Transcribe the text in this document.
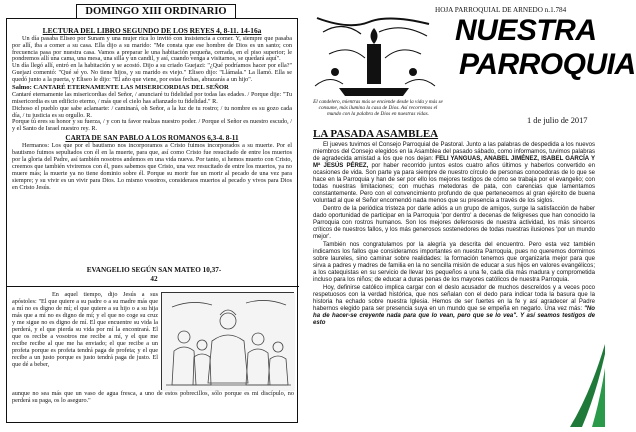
LECTURA DEL LIBRO SEGUNDO DE LOS REYES 4, 8-11. 14-16a

Un día pasaba Eliseo por Sunam y una mujer rica lo invitó con insistencia a comer. Y, siempre que pasaba por allí, iba a comer a su casa. Ella dijo a su marido: "Me consta que ese hombre de Dios es un santo; con frecuencia pasa por nuestra casa. Vamos a preparar le una habitación pequeña, cerrada, en el piso superior; le pondremos allí una cama, una mesa, una silla y un candil, y así, cuando venga a visitarnos, se quedará aquí".

Un día llegó allí, entró en la habitación y se acostó. Dijo a su criado Guejazi: "¿Qué podríamos hacer por ella?" Guejazi comentó: "Qué sé yo. No tiene hijos, y su marido es viejo." Eliseo dijo: "Llámala." La llamó. Ella se quedó junto a la puerta, y Eliseo le dijo: "El año que viene, por estas fechas, abrazarás a un hijo".

Salmo: CANTARÉ ETERNAMENTE LAS MISERICORDIAS DEL SEÑOR

Cantaré eternamente las misericordias del Señor, / anunciaré tu fidelidad por todas las edades. / Porque dije: "Tu misericordia es un edificio eterno, / más que el cielo has afianzado tu fidelidad." R.

Dichoso el pueblo que sabe aclamarte: / caminará, oh Señor, a la luz de tu rostro; / tu nombre es su gozo cada día, / tu justicia es su orgullo. R.

Porque tú eres su honor y su fuerza, / y con tu favor realzas nuestro poder. / Porque el Señor es nuestro escudo, / y el Santo de Israel nuestro rey. R.

CARTA DE SAN PABLO A LOS ROMANOS 6,3-4. 8-11

Hermanos: Los que por el bautismo nos incorporamos a Cristo fuimos incorporados a su muerte. Por el bautismo fuimos sepultados con él en la muerte, para que, así como Cristo fue resucitado de entre los muertos por la gloria del Padre, así también nosotros andemos en una vida nueva. Por tanto, si hemos muerto con Cristo, creemos que también viviremos con él, pues sabemos que Cristo, una vez resucitado de entre los muertos, ya no muere más; la muerte ya no tiene dominio sobre él. Porque su morir fue un morir al pecado de una vez para siempre; y su vivir es un vivir para Dios. Lo mismo vosotros, consideraos muertos al pecado y vivos para Dios en Cristo Jesús.

En aquel tiempo, dijo Jesús a sus apóstoles: "El que quiere a su padre o a su madre más que a mí no es digno de mí; el que quiere a su hijo o a su hija más que a mí no es digno de mí; y el que no coge su cruz y me sigue no es digno de mí. El que encuentre su vida la perderá, y el que pierda su vida por mí la encontrará. El que os recibe a vosotros me recibe a mí, y el que me recibe recibe al que me ha enviado; el que recibe a un profeta porque es profeta tendrá paga de profeta; y el que recibe a un justo porque es justo tendrá paga de justo. El que dé a beber,
aunque no sea más que un vaso de agua fresca, a uno de estos pobrecillos, sólo porque es mi discípulo, no perderá su paga, os lo aseguro."
DOMINGO XIII ORDINARIO
EVANGELIO SEGÚN SAN MATEO 10,37-42
HOJA PARROQUIAL DE ARNEDO n.1.784
NUESTRA
PARROQUIA
El candelero, mientras más se enciende desde la vida y más se consume, más ilumina la casa de Dios. Así recorremos el mundo con la palabra de Dios en nuestras vidas.
1 de julio de 2017
LA PASADA ASAMBLEA

El jueves tuvimos el Consejo Parroquial de Pastoral. Junto a las palabras de despedida a los nuevos miembros del Consejo elegidos en la Asamblea del pasado sábado, como informamos, tuvimos palabras de agradecida amistad a los que nos dejan: FELI YANGUAS, ANABEL JIMÉNEZ, ISABEL GARCÍA Y Mª JESÚS PÉREZ, por haber recorrido juntos estos cuatro años últimos y haberlos convertido en ocasiones de vida. Son parte ya para siempre de nuestro círculo de personas conocedoras de lo que se hace en la Parroquia y han de ser por ello los mejores testigos de cómo se trabaja por el evangelio; con todas nuestras limitaciones; con muchas metedoras de pata, con carencias que lamentamos constantemente. Pero con el convencimiento profundo de que pertenecemos al gran ejército de buena voluntad al que el Señor encomendó nada menos que su presencia a través de los siglos.

Dentro de la periódica tristeza por darle adiós a un grupo de amigos, surge la satisfacción de haber dado oportunidad de participar en la Parroquia 'por dentro' a decenas de feligreses que han conocido la Parroquia con rostros humanos. Son los mejores defensores de nuestra actividad, los más sinceros críticos de nuestros fallos, y los más generosos sostenedores de todas nuestras ilusiones 'por un mundo mejor'.

También nos congratulamos por la alegría ya descrita del encuentro. Pero esta vez también indicamos los fallos que consideramos importantes en nuestra Parroquia, pues no queremos dormirnos sobre laureles, sino caminar sobre realidades: la formación tenemos que organizarla mejor para que sirva a padres y madres de familia en la no sencilla misión de educar a sus hijos en valores evangélicos; a los catequistas en su servicio de llevar los pequeños a una fe, cada día más madura y comprometida incluso para los niños; de educar a duras penas de los mayores católicos de nuestra Parroquia.

Hoy, definirse católico implica cargar con el deslo acusador de muchos descreídos y a veces poco respetuosos con la verdad histórica, que nos señalan con el dedo para indicar toda la basura que la historia ha echado sobre nuestra Iglesia. Hemos de ser fuertes en la fe y así agradecer al Padre habernos elegido para ser presencia suya en un mundo que se empeña en negarlo. Una vez más: "No ha de hacer-se creyente nada para que lo vean, pero que se lo vea". Y así seamos testigos de esto
